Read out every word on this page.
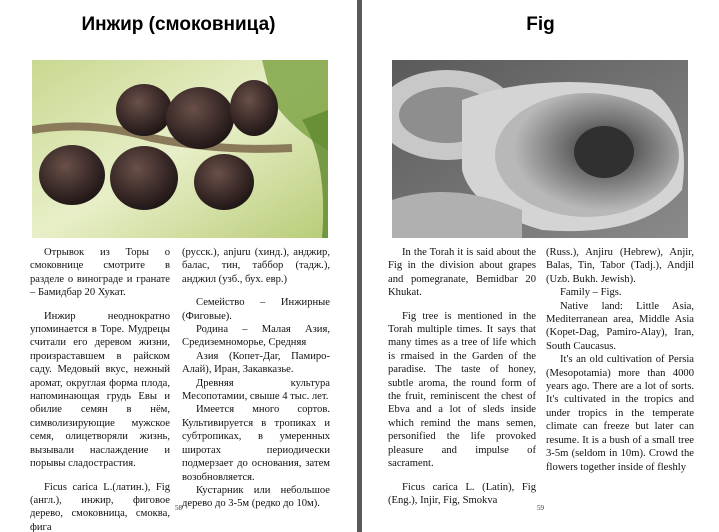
Инжир (смоковница)

Отрывок из Торы о смоковнице смотрите в разделе о винограде и гранате – Бамидбар 20 Хукат.

Инжир неоднократно упоминается в Торе. Мудрецы считали его деревом жизни, произраставшем в райском саду. Медовый вкус, нежный аромат, округлая форма плода, напоминающая грудь Евы и обилие семян в нём, символизирующие мужское семя, олицетворяли жизнь, вызывали наслаждение и порывы сладострастия.

Ficus carica L.(латин.), Fig (англ.), инжир, фиговое дерево, смоковница, смоква, фига

(русск.), anjuru (хинд.), анджир, балас, тин, таббор (тадж.), анджил (узб., бух. евр.)

Семейство – Инжирные (Фиговые).

Родина – Малая Азия, Средиземноморье, Средняя

Азия (Копет-Даг, Памиро-Алай), Иран, Закавказье.

Древняя культура Месопотамии, свыше 4 тыс. лет.

Имеется много сортов. Культивируется в тропиках и субтропиках, в умеренных широтах периодически подмерзает до основания, затем возобновляется.

Кустарник или небольшое дерево до 3-5м (редко до 10м).

58
Fig

In the Torah it is said about the Fig in the division about grapes and pomegranate, Bemidbar 20 Khukat.

Fig tree is mentioned in the Torah multiple times. It says that many times as a tree of life which is rmaised in the Garden of the paradise. The taste of honey, subtle aroma, the round form of the fruit, reminiscent the chest of Ebva and a lot of sleds inside which remind the mans semen, personified the life provoked pleasure and impulse of sacrament.

Ficus carica L. (Latin), Fig (Eng.), Injir, Fig, Smokva

(Russ.), Anjiru (Hebrew), Anjir, Balas, Tin, Tabor (Tadj.), Andjil (Uzb. Bukh. Jewish).

Family – Figs.

Native land: Little Asia, Mediterranean area, Middle Asia (Kopet-Dag, Pamiro-Alay), Iran, South Caucasus.

It's an old cultivation of Persia (Mesopotamia) more than 4000 years ago. There are a lot of sorts. It's cultivated in the tropics and under tropics in the temperate climate can freeze but later can resume. It is a bush of a small tree 3-5m (seldom in 10m). Crowd the flowers together inside of fleshly

59
